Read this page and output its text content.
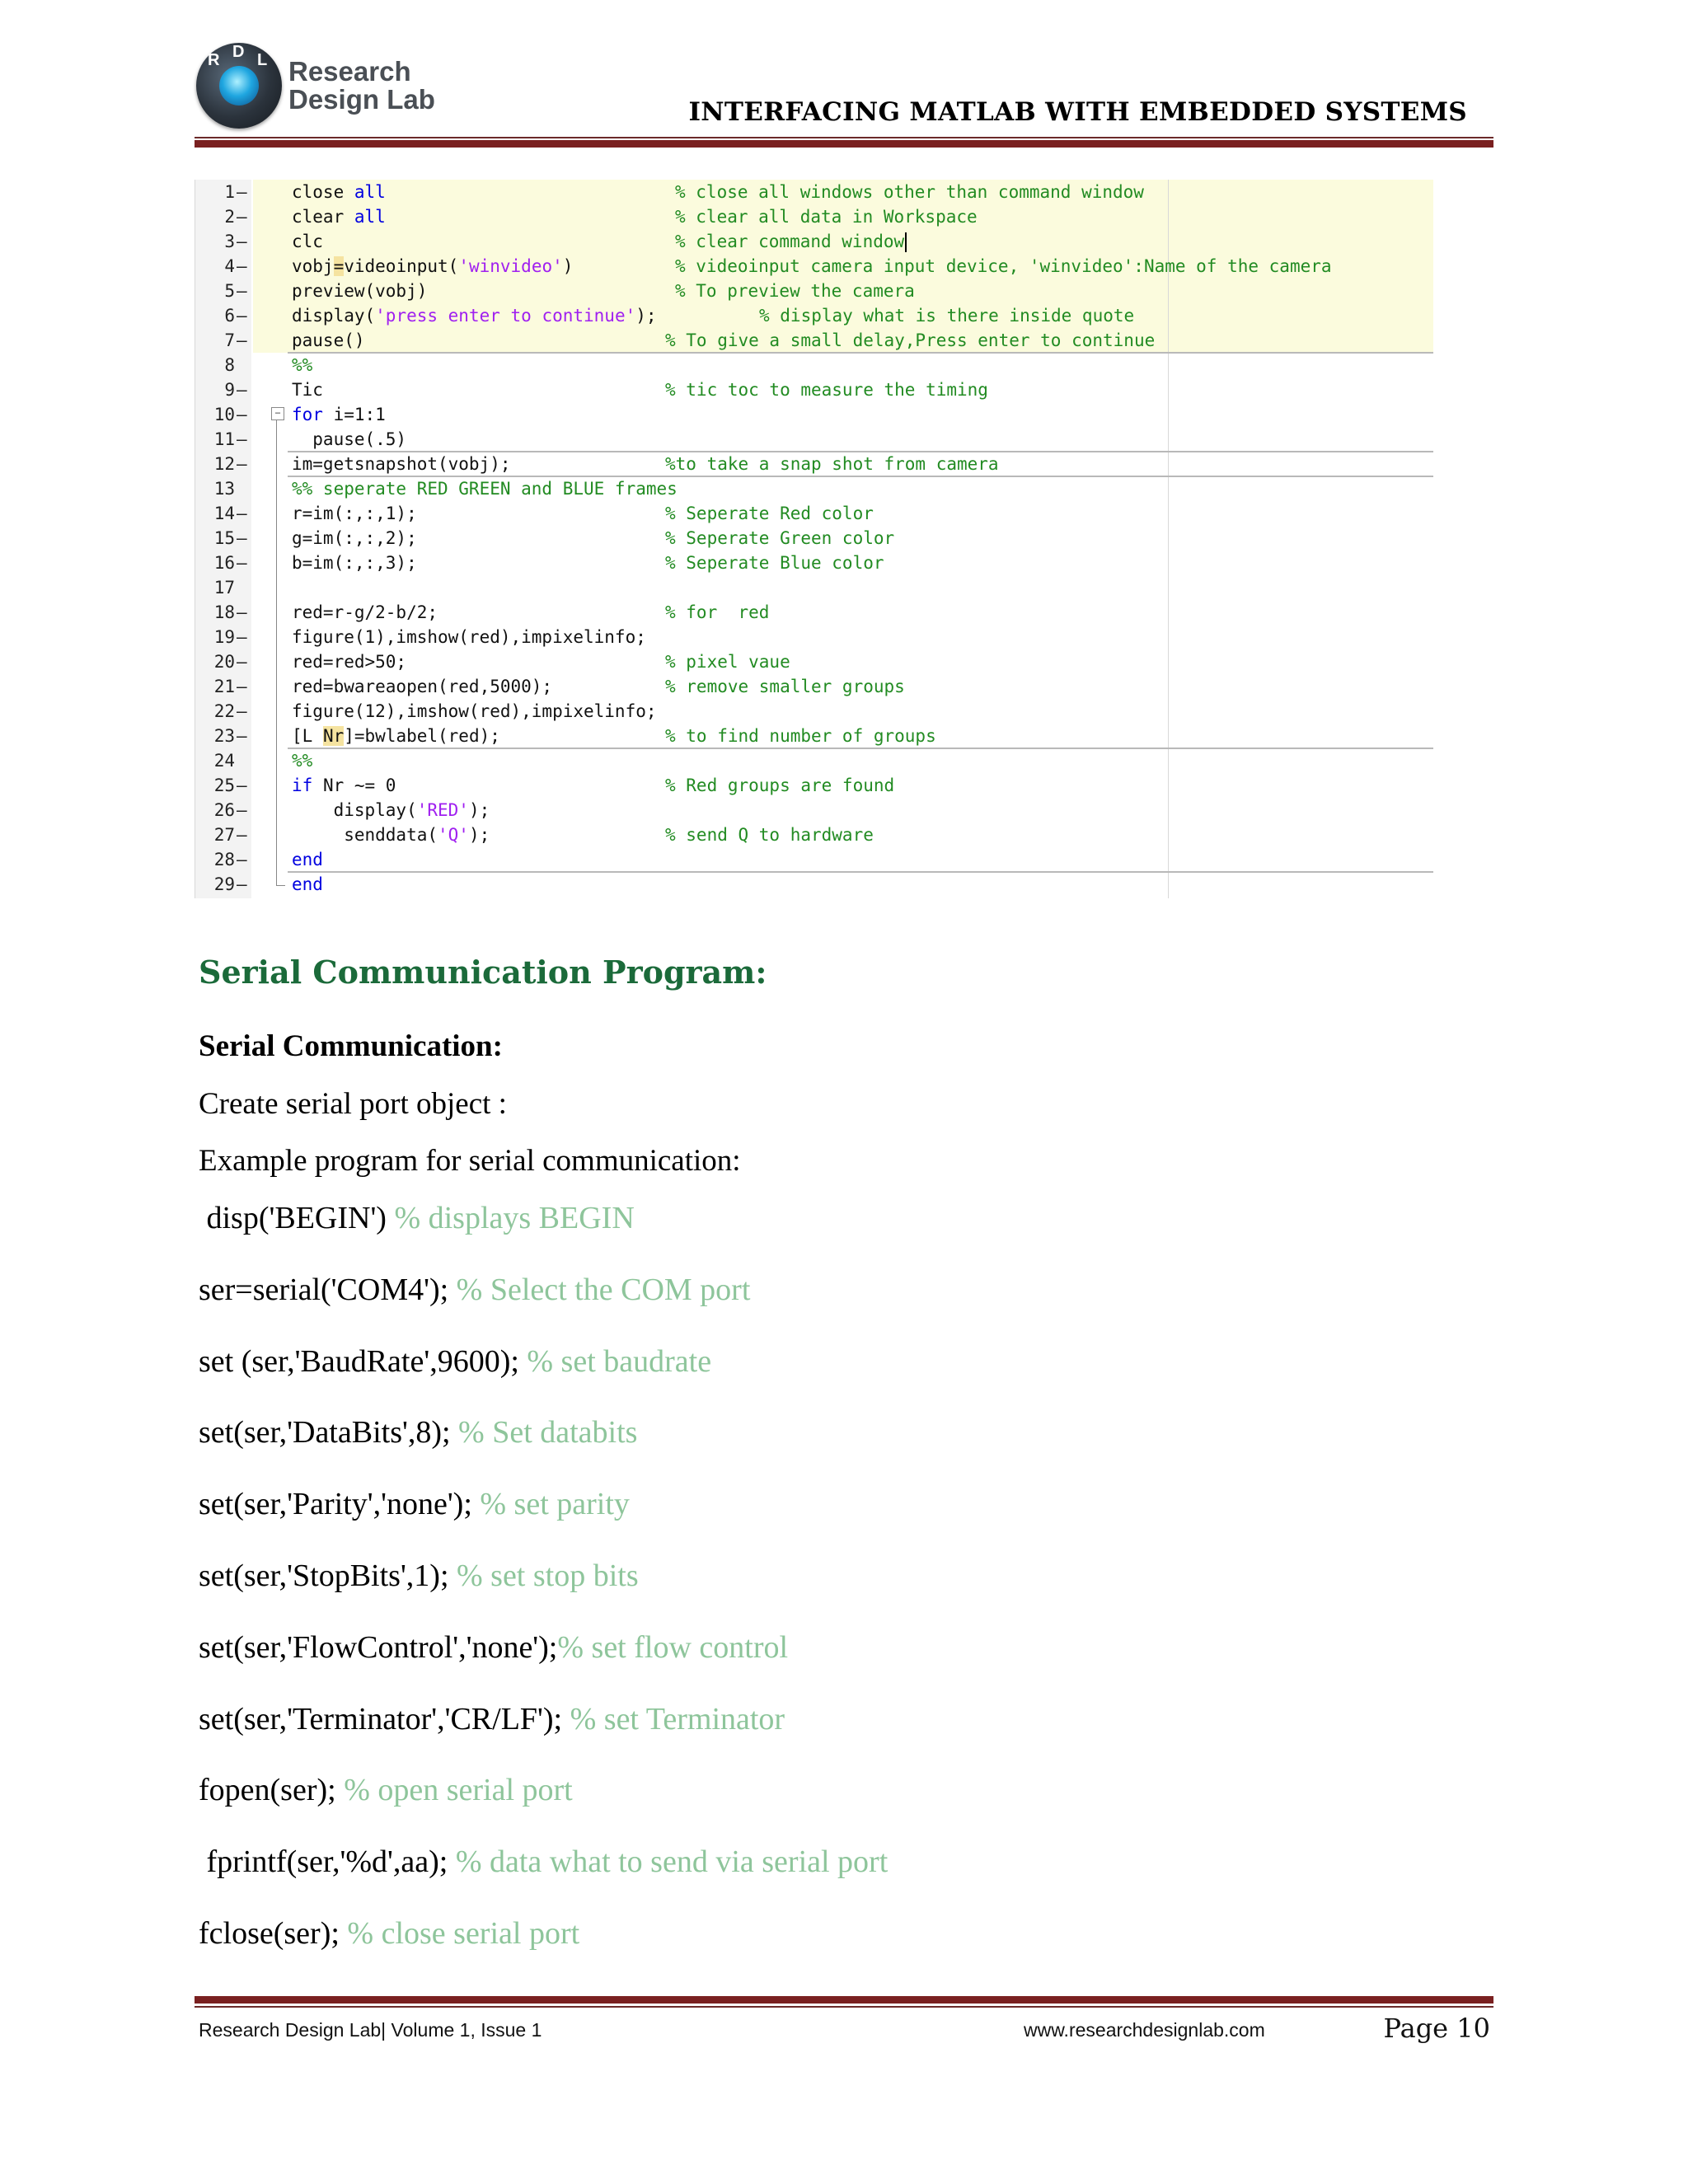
R D L Research
Design Lab	INTERFACING MATLAB WITH EMBEDDED SYSTEMS
1 –	close all	% close all windows other than command window
2 –	clear all	% clear all data in Workspace
3 –	clc	% clear command window
4 –	vobj=videoinput('winvideo')	% videoinput camera input device, 'winvideo':Name of the camera
5 –	preview(vobj)	% To preview the camera
6 –	display('press enter to continue');	% display what is there inside quote
7 –	pause()	% To give a small delay,Press enter to continue
8	%%
9 –	Tic	% tic toc to measure the timing
10 –	for i=1:1
−
11 –	pause(.5)
12 –	im=getsnapshot(vobj);	%to take a snap shot from camera
13	%% seperate RED GREEN and BLUE frames
14 –	r=im(:,:,1);	% Seperate Red color
15 –	g=im(:,:,2);	% Seperate Green color
16 –	b=im(:,:,3);	% Seperate Blue color
17
18 –	red=r-g/2-b/2;	% for  red
19 –	figure(1),imshow(red),impixelinfo;
20 –	red=red>50;	% pixel vaue
21 –	red=bwareaopen(red,5000);	% remove smaller groups
22 –	figure(12),imshow(red),impixelinfo;
23 –	[L Nr]=bwlabel(red);	% to find number of groups
24	%%
25 –	if Nr ~= 0	% Red groups are found
26 –	display('RED');
27 –	senddata('Q');	% send Q to hardware
28 –	end
29 –	end
Serial Communication Program:
Serial Communication:
Create serial port object :
Example program for serial communication:
disp('BEGIN') % displays BEGIN
ser=serial('COM4'); % Select the COM port
set (ser,'BaudRate',9600); % set baudrate
set(ser,'DataBits',8); % Set databits
set(ser,'Parity','none'); % set parity
set(ser,'StopBits',1); % set stop bits
set(ser,'FlowControl','none');% set flow control
set(ser,'Terminator','CR/LF'); % set Terminator
fopen(ser); % open serial port
fprintf(ser,'%d',aa); % data what to send via serial port
fclose(ser); % close serial port
Research Design Lab| Volume 1, Issue 1	www.researchdesignlab.com	Page 10
